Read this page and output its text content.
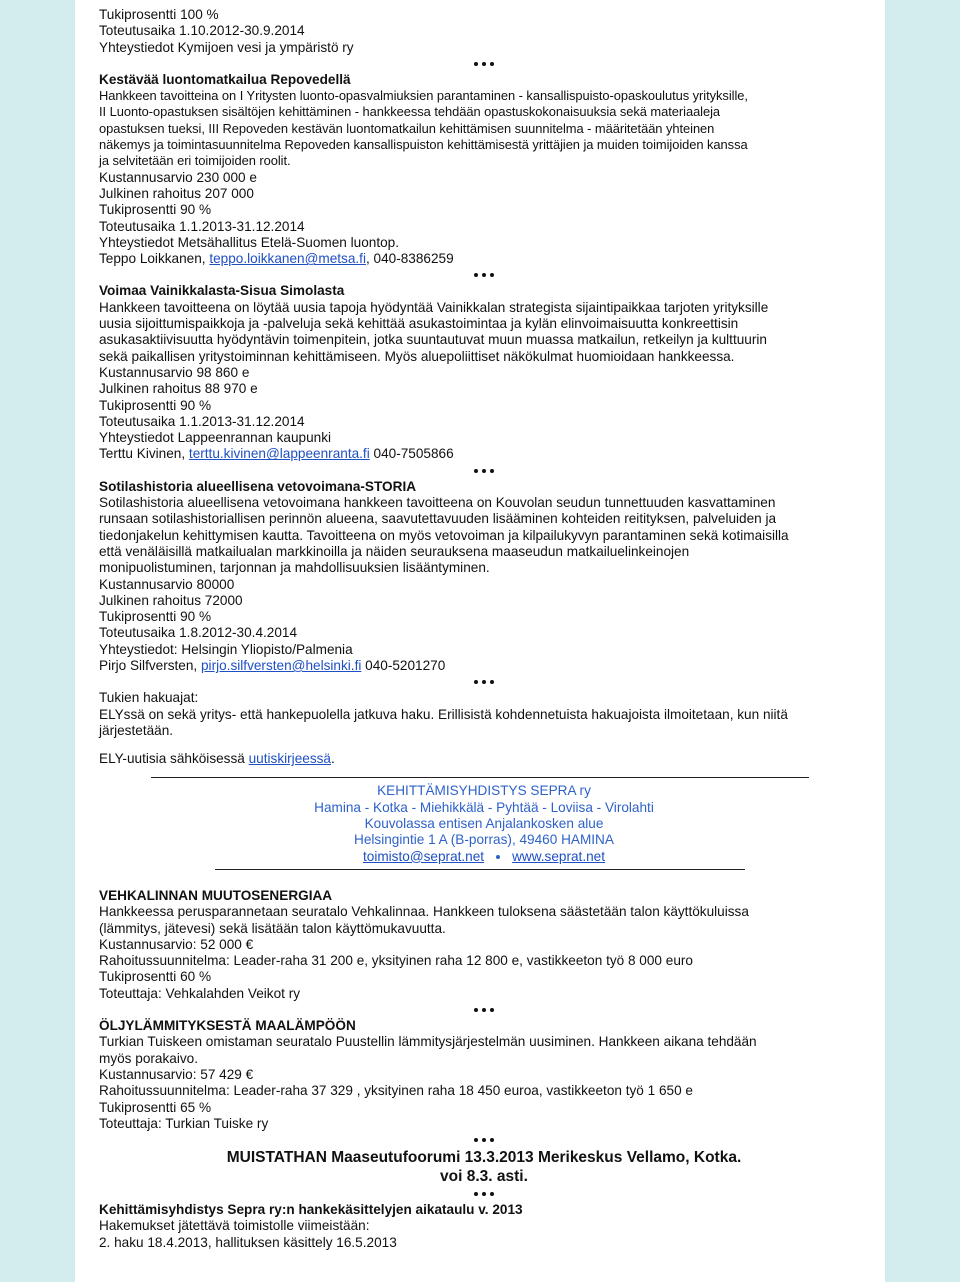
Tukiprosentti 100 %
Toteutusaika 1.10.2012-30.9.2014
Yhteystiedot Kymijoen vesi ja ympäristö ry
Kestävää luontomatkailua Repovedellä
Hankkeen tavoitteina on I Yritysten luonto-opasvalmiuksien parantaminen - kansallispuisto-opaskoulutus yrityksille,
II Luonto-opastuksen sisältöjen kehittäminen - hankkeessa tehdään opastuskokonaisuuksia sekä materiaaleja
opastuksen tueksi, III Repoveden kestävän luontomatkailun kehittämisen suunnitelma - määritetään yhteinen
näkemys ja toimintasuunnitelma Repoveden kansallispuiston kehittämisestä yrittäjien ja muiden toimijoiden kanssa
ja selvitetään eri toimijoiden roolit.
Kustannusarvio 230 000 e
Julkinen rahoitus 207 000
Tukiprosentti 90 %
Toteutusaika 1.1.2013-31.12.2014
Yhteystiedot Metsähallitus Etelä-Suomen luontop.
Teppo Loikkanen, teppo.loikkanen@metsa.fi, 040-8386259
Voimaa Vainikkalasta-Sisua Simolasta
Hankkeen tavoitteena on löytää uusia tapoja hyödyntää Vainikkalan strategista sijaintipaikkaa tarjoten yrityksille
uusia sijoittumispaikkoja ja -palveluja sekä kehittää asukastoimintaa ja kylän elinvoimaisuutta konkreettisin
asukasaktiivisuutta hyödyntävin toimenpitein, jotka suuntautuvat muun muassa matkailun, retkeilyn ja kulttuurin
sekä paikallisen yritystoiminnan kehittämiseen. Myös aluepoliittiset näkökulmat huomioidaan hankkeessa.
Kustannusarvio 98 860 e
Julkinen rahoitus 88 970 e
Tukiprosentti 90 %
Toteutusaika 1.1.2013-31.12.2014
Yhteystiedot Lappeenrannan kaupunki
Terttu Kivinen, terttu.kivinen@lappeenranta.fi 040-7505866
Sotilashistoria alueellisena vetovoimana-STORIA
Sotilashistoria alueellisena vetovoimana hankkeen tavoitteena on Kouvolan seudun tunnettuuden kasvattaminen
runsaan sotilashistoriallisen perinnön alueena, saavutettavuuden lisääminen kohteiden reitityksen, palveluiden ja
tiedonjakelun kehittymisen kautta. Tavoitteena on myös vetovoiman ja kilpailukyvyn parantaminen sekä kotimaisilla
että venäläisillä matkailualan markkinoilla ja näiden seurauksena maaseudun matkailuelinkeinojen
monipuolistuminen, tarjonnan ja mahdollisuuksien lisääntyminen.
Kustannusarvio 80000
Julkinen rahoitus 72000
Tukiprosentti 90 %
Toteutusaika 1.8.2012-30.4.2014
Yhteystiedot: Helsingin Yliopisto/Palmenia
Pirjo Silfversten, pirjo.silfversten@helsinki.fi 040-5201270
Tukien hakuajat:
ELYssä on sekä yritys- että hankepuolella jatkuva haku. Erillisistä kohdennetuista hakuajoista ilmoitetaan, kun niitä
järjestetään.
ELY-uutisia sähköisessä uutiskirjeessä.
KEHITTÄMISYHDISTYS SEPRA ry
Hamina - Kotka - Miehikkälä - Pyhtää - Loviisa - Virolahti
Kouvolassa entisen Anjalankosken alue
Helsingintie 1 A (B-porras), 49460 HAMINA
toimisto@seprat.net www.seprat.net
VEHKALINNAN MUUTOSENERGIAA
Hankkeessa perusparannetaan seuratalo Vehkalinnaa. Hankkeen tuloksena säästetään talon käyttökuluissa
(lämmitys, jätevesi) sekä lisätään talon käyttömukavuutta.
Kustannusarvio: 52 000 €
Rahoitussuunnitelma: Leader-raha 31 200 e, yksityinen raha 12 800 e, vastikkeeton työ 8 000 euro
Tukiprosentti 60 %
Toteuttaja: Vehkalahden Veikot ry
ÖLJYLÄMMITYKSESTÄ MAALÄMPÖÖN
Turkian Tuiskeen omistaman seuratalo Puustellin lämmitysjärjestelmän uusiminen. Hankkeen aikana tehdään
myös porakaivo.
Kustannusarvio: 57 429 €
Rahoitussuunnitelma: Leader-raha 37 329 , yksityinen raha 18 450 euroa, vastikkeeton työ 1 650 e
Tukiprosentti 65 %
Toteuttaja: Turkian Tuiske ry
MUISTATHAN Maaseutufoorumi 13.3.2013 Merikeskus Vellamo, Kotka.
voi 8.3. asti.
Kehittämisyhdistys Sepra ry:n hankekäsittelyjen aikataulu v. 2013
Hakemukset jätettävä toimistolle viimeistään:
2. haku 18.4.2013, hallituksen käsittely 16.5.2013
